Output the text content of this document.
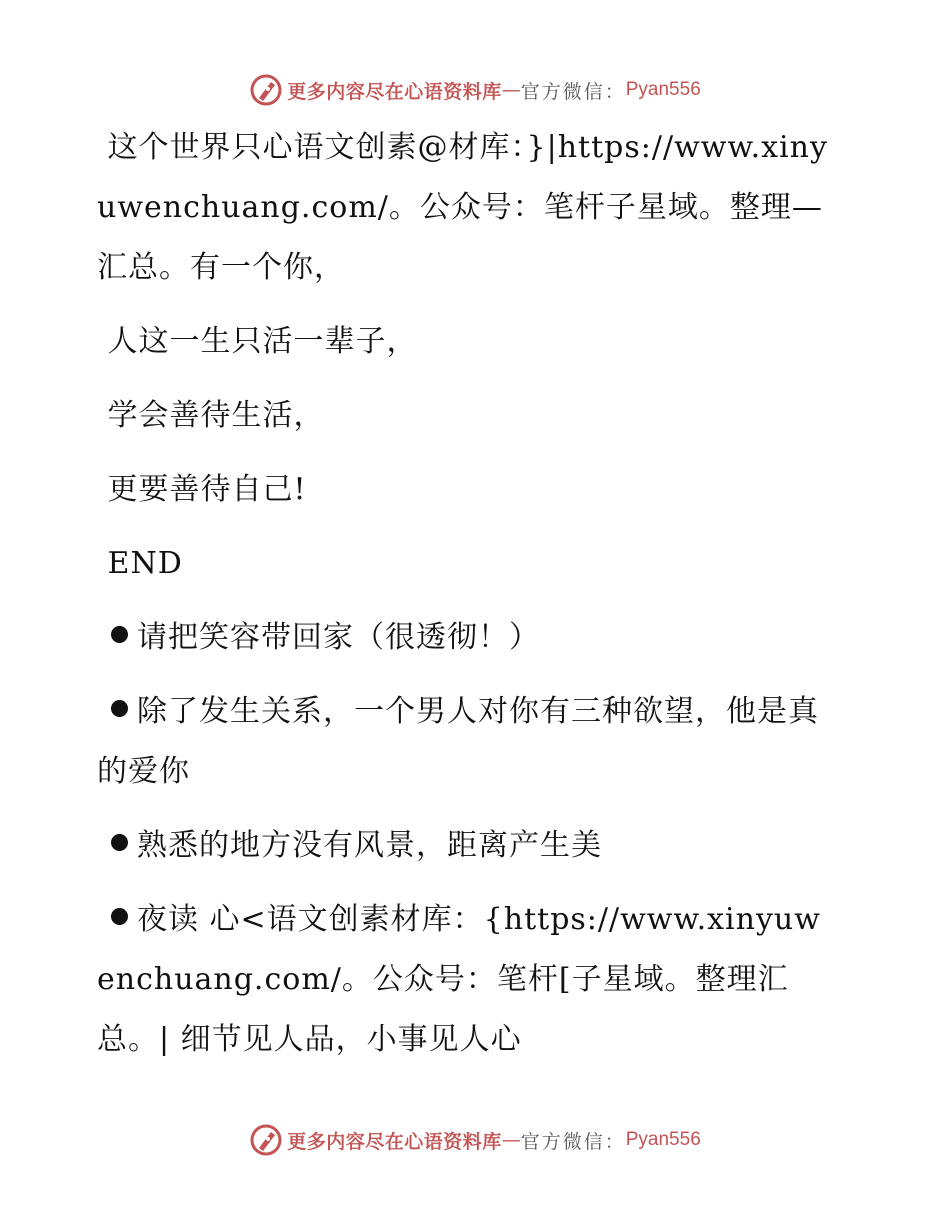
更多内容尽在心语资料库 — 官方微信： Pyan556

这个世界只心语文创素@材库：}|https://www.xinyuwenchuang.com/。公众号：笔杆子星域。整理—汇总。有一个你，

人这一生只活一辈子，

学会善待生活，

更要善待自己!

END

请把笑容带回家（很透彻！）

除了发生关系，一个男人对你有三种欲望，他是真的爱你

熟悉的地方没有风景，距离产生美

夜读 心<语文创素材库：{https://www.xinyuwenchuang.com/。公众号：笔杆[子星域。整理汇总。| 细节见人品，小事见人心

更多内容尽在心语资料库 — 官方微信： Pyan556
